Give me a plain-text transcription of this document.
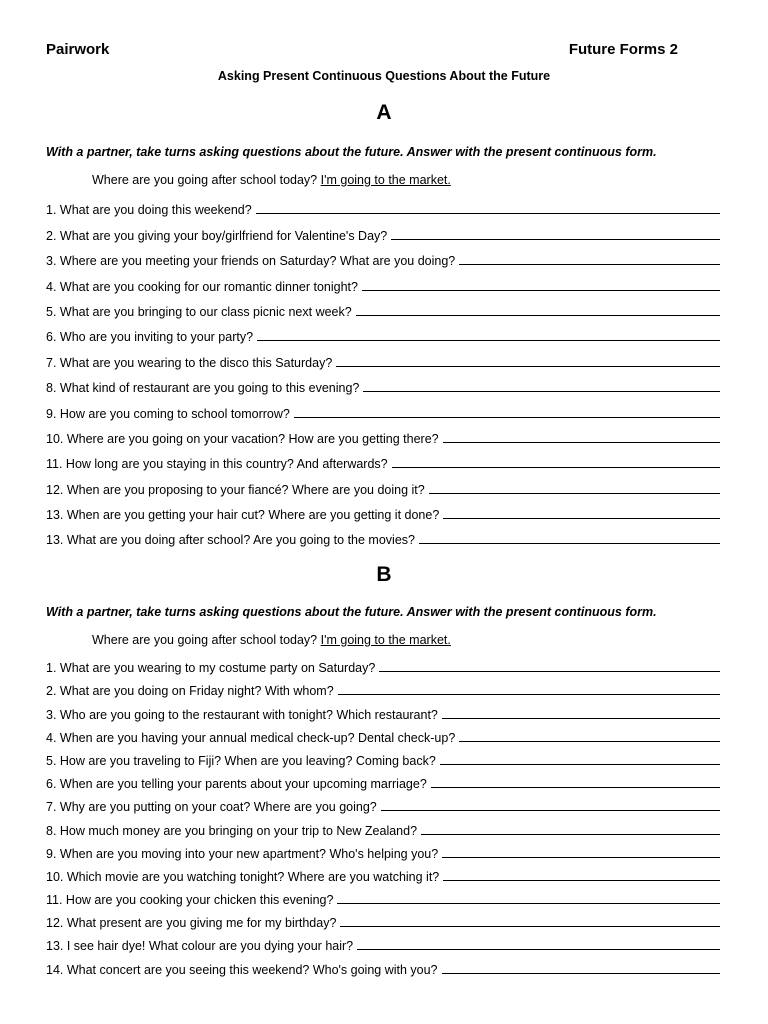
Pairwork	Future Forms 2
Asking Present Continuous Questions About the Future
A
With a partner, take turns asking questions about the future. Answer with the present continuous form.
Where are you going after school today? I'm going to the market.
1. What are you doing this weekend?
2. What are you giving your boy/girlfriend for Valentine's Day?
3. Where are you meeting your friends on Saturday? What are you doing?
4. What are you cooking for our romantic dinner tonight?
5. What are you bringing to our class picnic next week?
6. Who are you inviting to your party?
7. What are you wearing to the disco this Saturday?
8. What kind of restaurant are you going to this evening?
9. How are you coming to school tomorrow?
10. Where are you going on your vacation? How are you getting there?
11. How long are you staying in this country? And afterwards?
12. When are you proposing to your fiancé? Where are you doing it?
13. When are you getting your hair cut? Where are you getting it done?
13. What are you doing after school? Are you going to the movies?
B
With a partner, take turns asking questions about the future. Answer with the present continuous form.
Where are you going after school today? I'm going to the market.
1. What are you wearing to my costume party on Saturday?
2. What are you doing on Friday night? With whom?
3. Who are you going to the restaurant with tonight? Which restaurant?
4. When are you having your annual medical check-up? Dental check-up?
5. How are you traveling to Fiji? When are you leaving? Coming back?
6. When are you telling your parents about your upcoming marriage?
7. Why are you putting on your coat? Where are you going?
8. How much money are you bringing on your trip to New Zealand?
9. When are you moving into your new apartment? Who's helping you?
10. Which movie are you watching tonight? Where are you watching it?
11. How are you cooking your chicken this evening?
12. What present are you giving me for my birthday?
13. I see hair dye! What colour are you dying your hair?
14. What concert are you seeing this weekend? Who's going with you?
